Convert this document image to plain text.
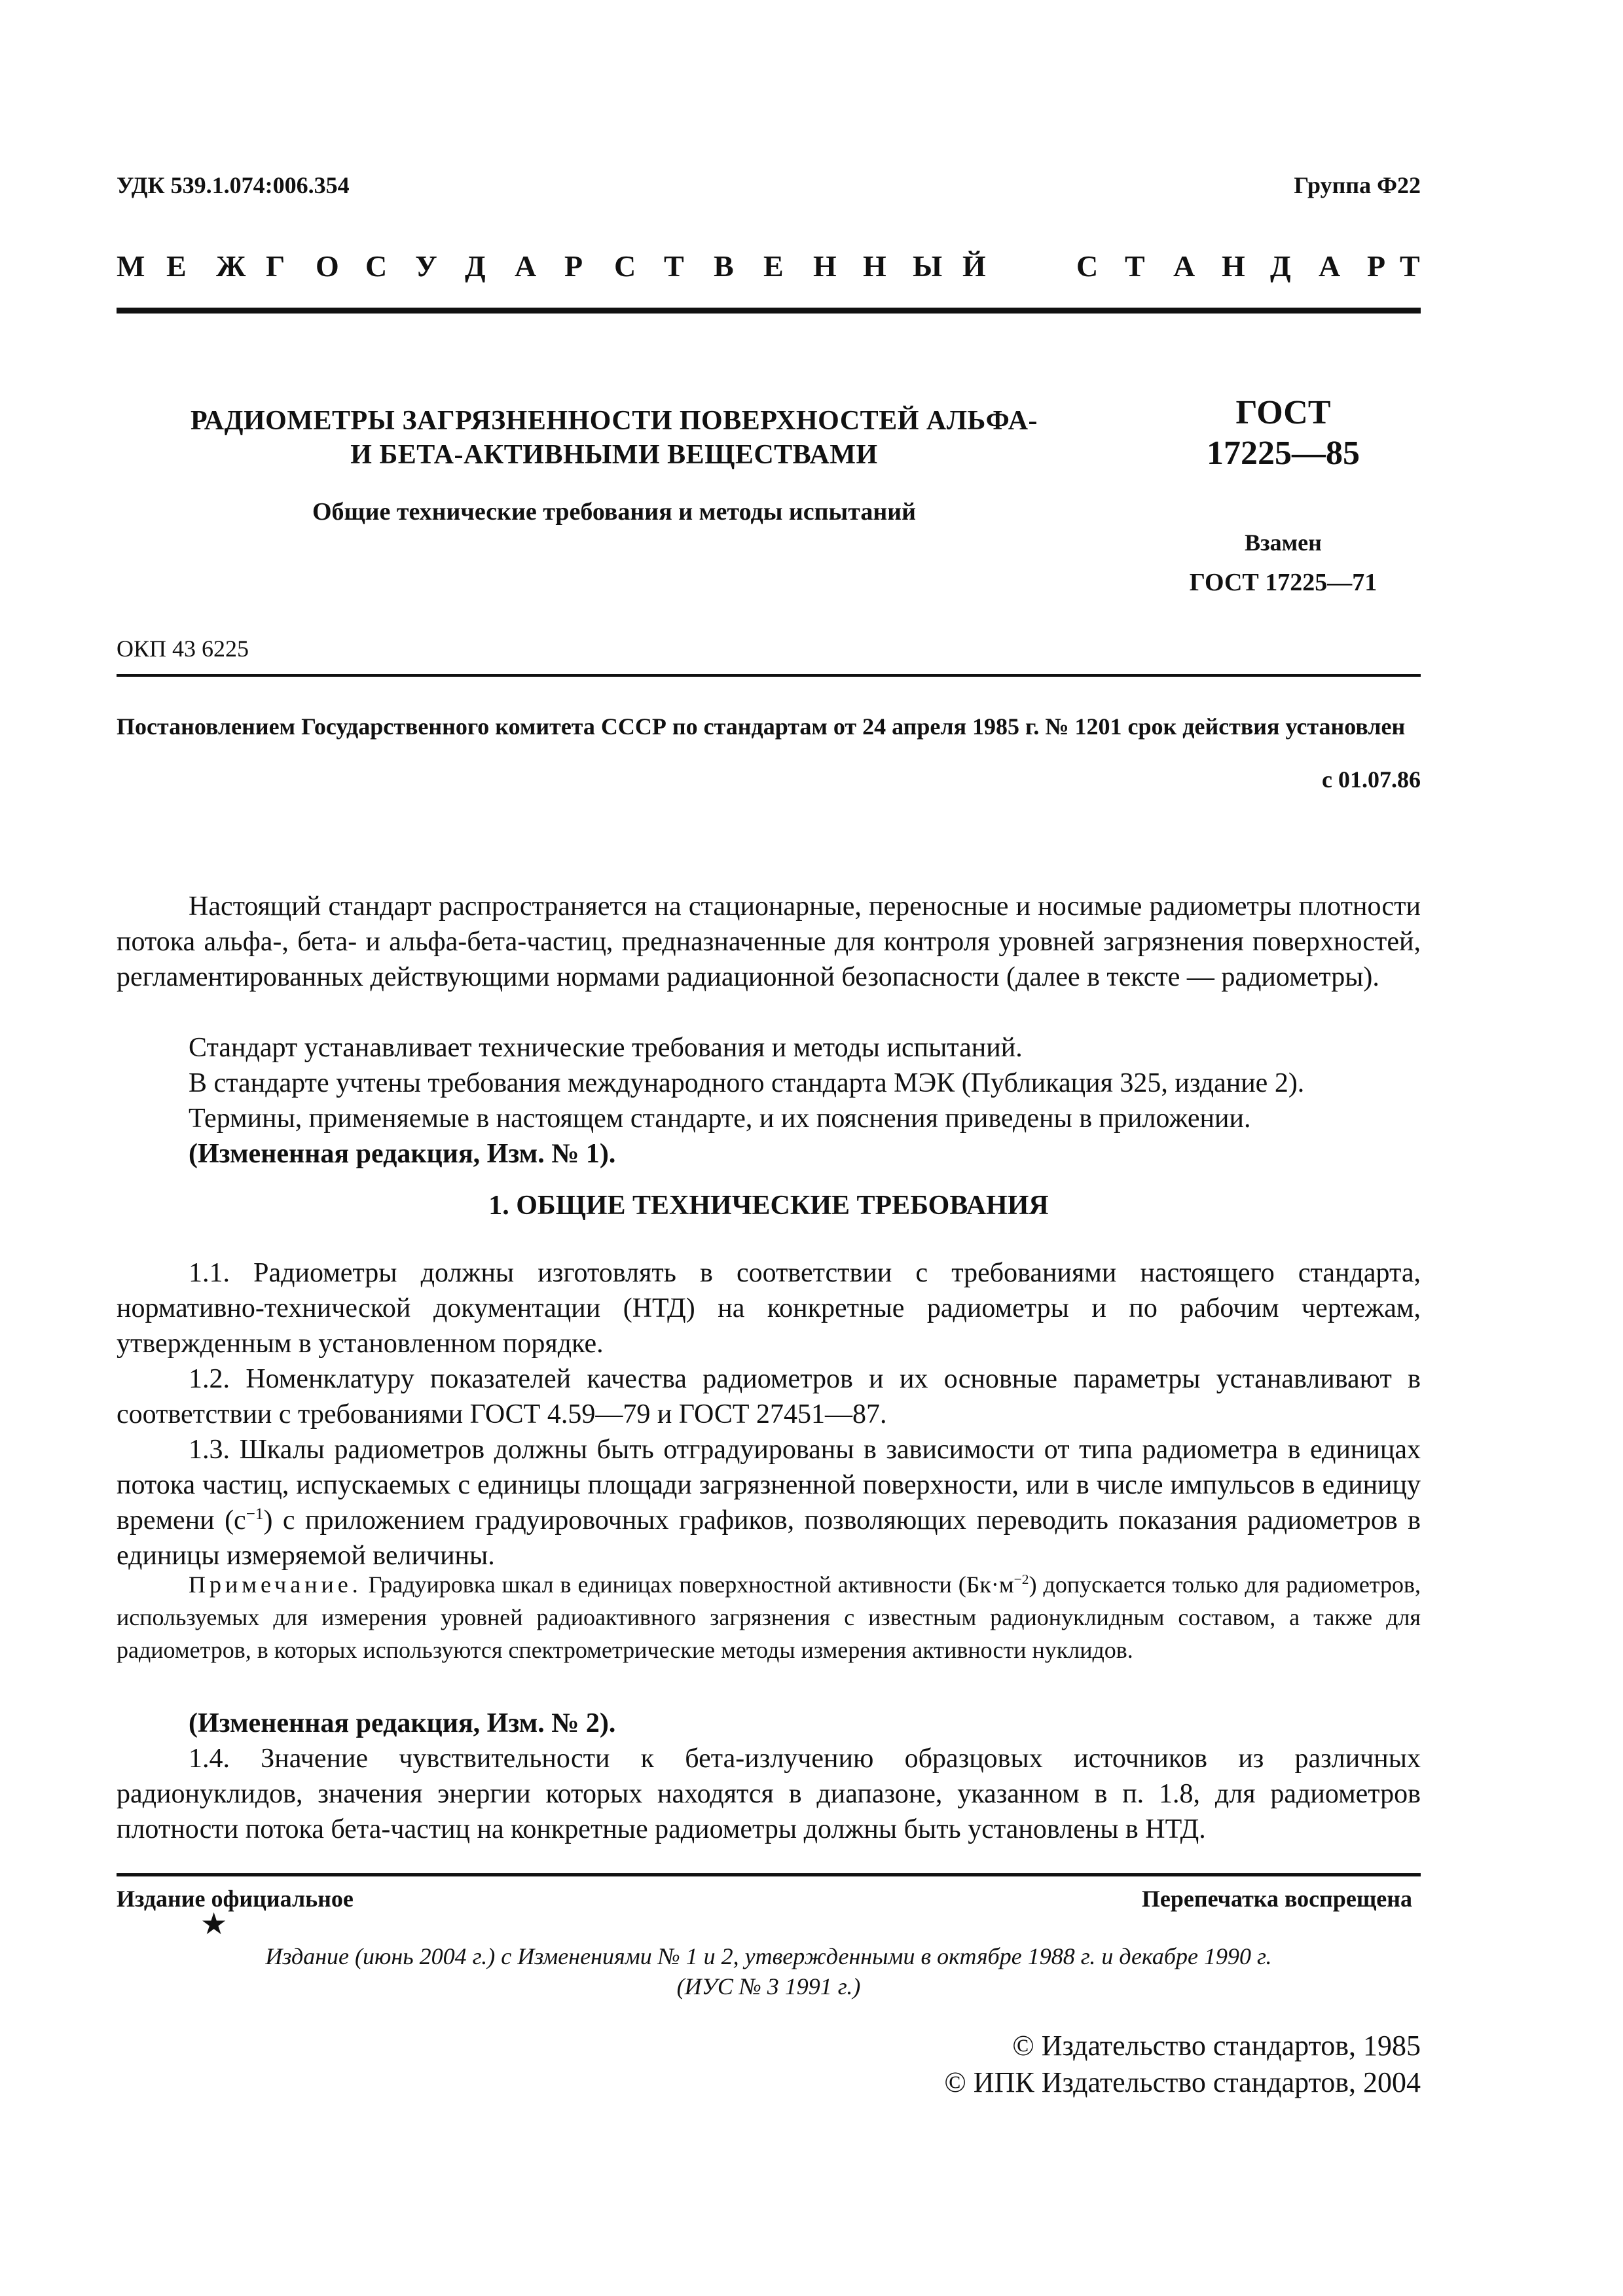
УДК 539.1.074:006.354	Группа Ф22
М Е Ж Г О С У Д А Р С Т В Е Н Н Ы Й	С Т А Н Д А Р Т
РАДИОМЕТРЫ ЗАГРЯЗНЕННОСТИ ПОВЕРХНОСТЕЙ АЛЬФА-
И БЕТА-АКТИВНЫМИ ВЕЩЕСТВАМИ
Общие технические требования и методы испытаний
ГОСТ
17225—85
Взамен
ГОСТ 17225—71
ОКП 43 6225
Постановлением Государственного комитета СССР по стандартам от 24 апреля 1985 г. № 1201 срок действия установлен
с 01.07.86

Настоящий стандарт распространяется на стационарные, переносные и носимые радиометры плотности потока альфа-, бета- и альфа-бета-частиц, предназначенные для контроля уровней загрязнения поверхностей, регламентированных действующими нормами радиационной безопасности (далее в тексте — радиометры).

Стандарт устанавливает технические требования и методы испытаний.

В стандарте учтены требования международного стандарта МЭК (Публикация 325, издание 2).

Термины, применяемые в настоящем стандарте, и их пояснения приведены в приложении.

(Измененная редакция, Изм. № 1).

1. ОБЩИЕ ТЕХНИЧЕСКИЕ ТРЕБОВАНИЯ

1.1. Радиометры должны изготовлять в соответствии с требованиями настоящего стандарта, нормативно-технической документации (НТД) на конкретные радиометры и по рабочим чертежам, утвержденным в установленном порядке.

1.2. Номенклатуру показателей качества радиометров и их основные параметры устанавливают в соответствии с требованиями ГОСТ 4.59—79 и ГОСТ 27451—87.

1.3. Шкалы радиометров должны быть отградуированы в зависимости от типа радиометра в единицах потока частиц, испускаемых с единицы площади загрязненной поверхности, или в числе импульсов в единицу времени $(с^{-1})$ с приложением градуировочных графиков, позволяющих переводить показания радиометров в единицы измеряемой величины.

Примечание. Градуировка шкал в единицах поверхностной активности $(Бк\cdot м^{-2})$ допускается только для радиометров, используемых для измерения уровней радиоактивного загрязнения с известным радионуклидным составом, а также для радиометров, в которых используются спектрометрические методы измерения активности нуклидов.

(Измененная редакция, Изм. № 2).

1.4. Значение чувствительности к бета-излучению образцовых источников из различных радионуклидов, значения энергии которых находятся в диапазоне, указанном в п. 1.8, для радиометров плотности потока бета-частиц на конкретные радиометры должны быть установлены в НТД.

Издание официальное	Перепечатка воспрещена
★
Издание (июнь 2004 г.) с Изменениями № 1 и 2, утвержденными в октябре 1988 г. и декабре 1990 г.
(ИУС № 3 1991 г.)
© Издательство стандартов, 1985
© ИПК Издательство стандартов, 2004
